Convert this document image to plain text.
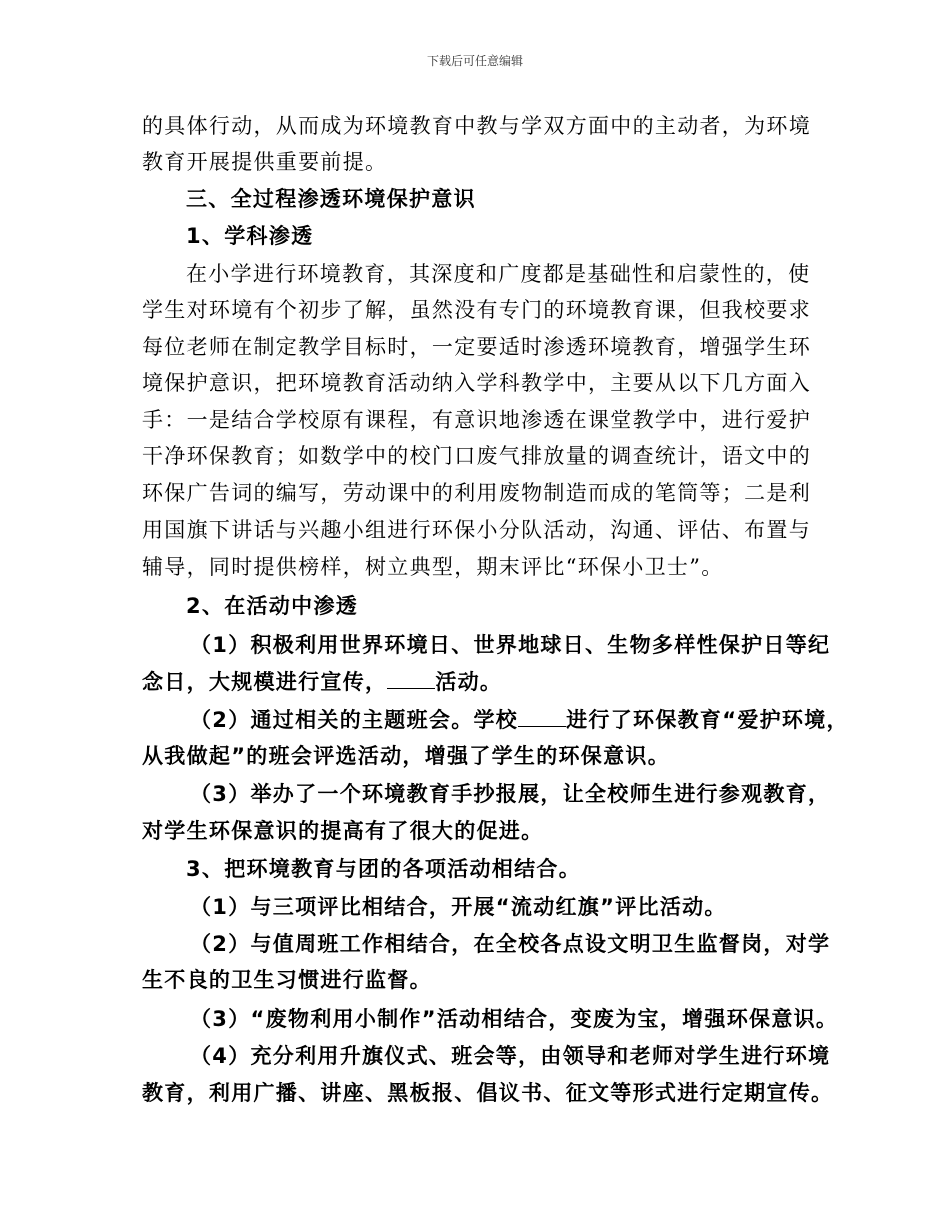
下载后可任意编辑
的具体行动，从而成为环境教育中教与学双方面中的主动者，为环境
教育开展提供重要前提。
三、全过程渗透环境保护意识
1、学科渗透
在小学进行环境教育，其深度和广度都是基础性和启蒙性的，使
学生对环境有个初步了解，虽然没有专门的环境教育课，但我校要求
每位老师在制定教学目标时，一定要适时渗透环境教育，增强学生环
境保护意识，把环境教育活动纳入学科教学中，主要从以下几方面入
手：一是结合学校原有课程，有意识地渗透在课堂教学中，进行爱护
干净环保教育；如数学中的校门口废气排放量的调查统计，语文中的
环保广告词的编写，劳动课中的利用废物制造而成的笔筒等；二是利
用国旗下讲话与兴趣小组进行环保小分队活动，沟通、评估、布置与
辅导，同时提供榜样，树立典型，期末评比“环保小卫士”。
2、在活动中渗透
（1）积极利用世界环境日、世界地球日、生物多样性保护日等纪
念日，大规模进行宣传， 活动。
（2）通过相关的主题班会。学校 进行了环保教育“爱护环境，
从我做起”的班会评选活动，增强了学生的环保意识。
（3）举办了一个环境教育手抄报展，让全校师生进行参观教育，
对学生环保意识的提高有了很大的促进。
3、把环境教育与团的各项活动相结合。
（1）与三项评比相结合，开展“流动红旗”评比活动。
（2）与值周班工作相结合，在全校各点设文明卫生监督岗，对学
生不良的卫生习惯进行监督。
（3）“废物利用小制作”活动相结合，变废为宝，增强环保意识。
（4）充分利用升旗仪式、班会等，由领导和老师对学生进行环境
教育，利用广播、讲座、黑板报、倡议书、征文等形式进行定期宣传。
